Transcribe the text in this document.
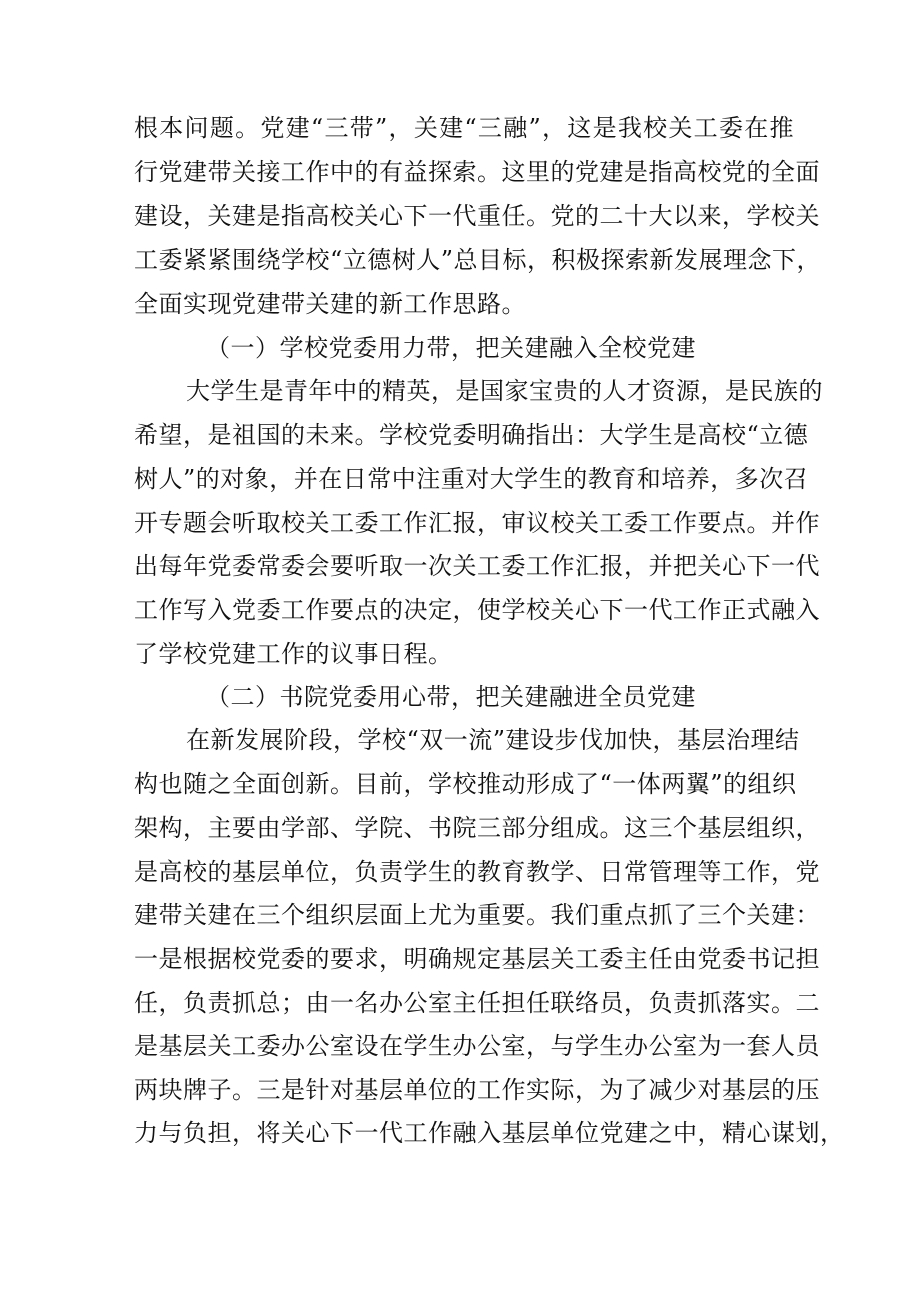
根本问题。党建“三带”，关建“三融”，这是我校关工委在推
行党建带关接工作中的有益探索。这里的党建是指高校党的全面
建设，关建是指高校关心下一代重任。党的二十大以来，学校关
工委紧紧围绕学校“立德树人”总目标，积极探索新发展理念下，
全面实现党建带关建的新工作思路。
（一）学校党委用力带，把关建融入全校党建
大学生是青年中的精英，是国家宝贵的人才资源，是民族的
希望，是祖国的未来。学校党委明确指出：大学生是高校“立德
树人”的对象，并在日常中注重对大学生的教育和培养，多次召
开专题会听取校关工委工作汇报，审议校关工委工作要点。并作
出每年党委常委会要听取一次关工委工作汇报，并把关心下一代
工作写入党委工作要点的决定，使学校关心下一代工作正式融入
了学校党建工作的议事日程。
（二）书院党委用心带，把关建融进全员党建
在新发展阶段，学校“双一流”建设步伐加快，基层治理结
构也随之全面创新。目前，学校推动形成了“一体两翼”的组织
架构，主要由学部、学院、书院三部分组成。这三个基层组织，
是高校的基层单位，负责学生的教育教学、日常管理等工作，党
建带关建在三个组织层面上尤为重要。我们重点抓了三个关建：
一是根据校党委的要求，明确规定基层关工委主任由党委书记担
任，负责抓总；由一名办公室主任担任联络员，负责抓落实。二
是基层关工委办公室设在学生办公室，与学生办公室为一套人员
两块牌子。三是针对基层单位的工作实际，为了减少对基层的压
力与负担，将关心下一代工作融入基层单位党建之中，精心谋划，
